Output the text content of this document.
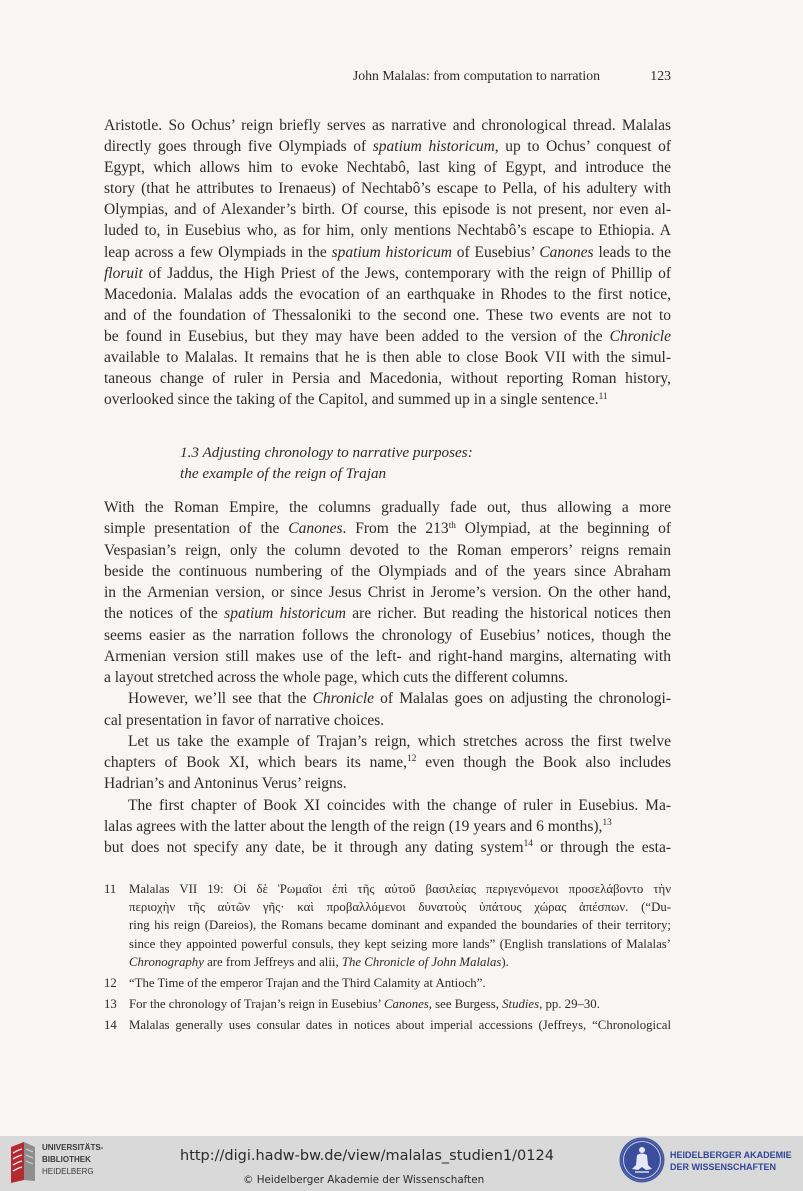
John Malalas: from computation to narration	123
Aristotle. So Ochus’ reign briefly serves as narrative and chronological thread. Malalas
directly goes through five Olympiads of spatium historicum, up to Ochus’ conquest of
Egypt, which allows him to evoke Nechtabô, last king of Egypt, and introduce the
story (that he attributes to Irenaeus) of Nechtabô’s escape to Pella, of his adultery with
Olympias, and of Alexander’s birth. Of course, this episode is not present, nor even al-
luded to, in Eusebius who, as for him, only mentions Nechtabô’s escape to Ethiopia. A
leap across a few Olympiads in the spatium historicum of Eusebius’ Canones leads to the
floruit of Jaddus, the High Priest of the Jews, contemporary with the reign of Phillip of
Macedonia. Malalas adds the evocation of an earthquake in Rhodes to the first notice,
and of the foundation of Thessaloniki to the second one. These two events are not to
be found in Eusebius, but they may have been added to the version of the Chronicle
available to Malalas. It remains that he is then able to close Book VII with the simul-
taneous change of ruler in Persia and Macedonia, without reporting Roman history,
overlooked since the taking of the Capitol, and summed up in a single sentence.$^{11}$
1.3 Adjusting chronology to narrative purposes:
the example of the reign of Trajan
With the Roman Empire, the columns gradually fade out, thus allowing a more
simple presentation of the Canones. From the 213th Olympiad, at the beginning of
Vespasian’s reign, only the column devoted to the Roman emperors’ reigns remain
beside the continuous numbering of the Olympiads and of the years since Abraham
in the Armenian version, or since Jesus Christ in Jerome’s version. On the other hand,
the notices of the spatium historicum are richer. But reading the historical notices then
seems easier as the narration follows the chronology of Eusebius’ notices, though the
Armenian version still makes use of the left- and right-hand margins, alternating with
a layout stretched across the whole page, which cuts the different columns.
However, we’ll see that the Chronicle of Malalas goes on adjusting the chronologi-
cal presentation in favor of narrative choices.
Let us take the example of Trajan’s reign, which stretches across the first twelve
chapters of Book XI, which bears its name,$^{12}$ even though the Book also includes
Hadrian’s and Antoninus Verus’ reigns.
The first chapter of Book XI coincides with the change of ruler in Eusebius. Ma-
lalas agrees with the latter about the length of the reign (19 years and 6 months),$^{13}$
but does not specify any date, be it through any dating system$^{14}$ or through the esta-
11 Malalas VII 19: Οἱ δὲ Ῥωμαῖοι ἐπὶ τῆς αὐτοῦ βασιλείας περιγενόμενοι προσελάβοντο τὴν
περιοχὴν τῆς αὐτῶν γῆς· καὶ προβαλλόμενοι δυνατοὺς ὑπάτους χώρας ἀπέσπων. (“Du-
ring his reign (Dareios), the Romans became dominant and expanded the boundaries of their territory;
since they appointed powerful consuls, they kept seizing more lands” (English translations of Malalas’
Chronography are from Jeffreys and alii, The Chronicle of John Malalas).
12 “The Time of the emperor Trajan and the Third Calamity at Antioch”.
13 For the chronology of Trajan’s reign in Eusebius’ Canones, see Burgess, Studies, pp. 29–30.
14 Malalas generally uses consular dates in notices about imperial accessions (Jeffreys, “Chronological
UNIVERSITÄTS-
BIBLIOTHEK
HEIDELBERG
http://digi.hadw-bw.de/view/malalas_studien1/0124
© Heidelberger Akademie der Wissenschaften
HEIDELBERGER AKADEMIE
DER WISSENSCHAFTEN
